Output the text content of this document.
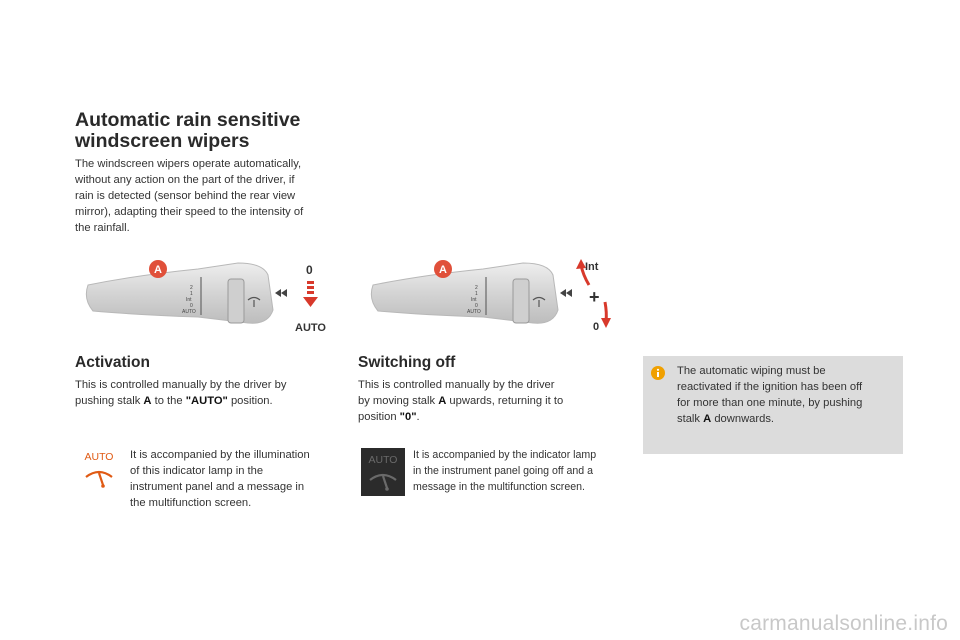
Automatic rain sensitive
windscreen wipers
The windscreen wipers operate automatically,
without any action on the part of the driver, if
rain is detected (sensor behind the rear view
mirror), adapting their speed to the intensity of
the rainfall.
2
1
Int
0
AUTO
A	0
AUTO
2
1
Int
0
AUTO
A	Int
+
0
Activation
This is controlled manually by the driver by
pushing stalk A to the "AUTO" position.
AUTO It is accompanied by the illumination
of this indicator lamp in the
instrument panel and a message in
the multifunction screen.
Switching off
This is controlled manually by the driver
by moving stalk A upwards, returning it to
position "0".
AUTO It is accompanied by the indicator lamp
in the instrument panel going off and a
message in the multifunction screen.
The automatic wiping must be
reactivated if the ignition has been off
for more than one minute, by pushing
stalk A downwards.
carmanualsonline.info
